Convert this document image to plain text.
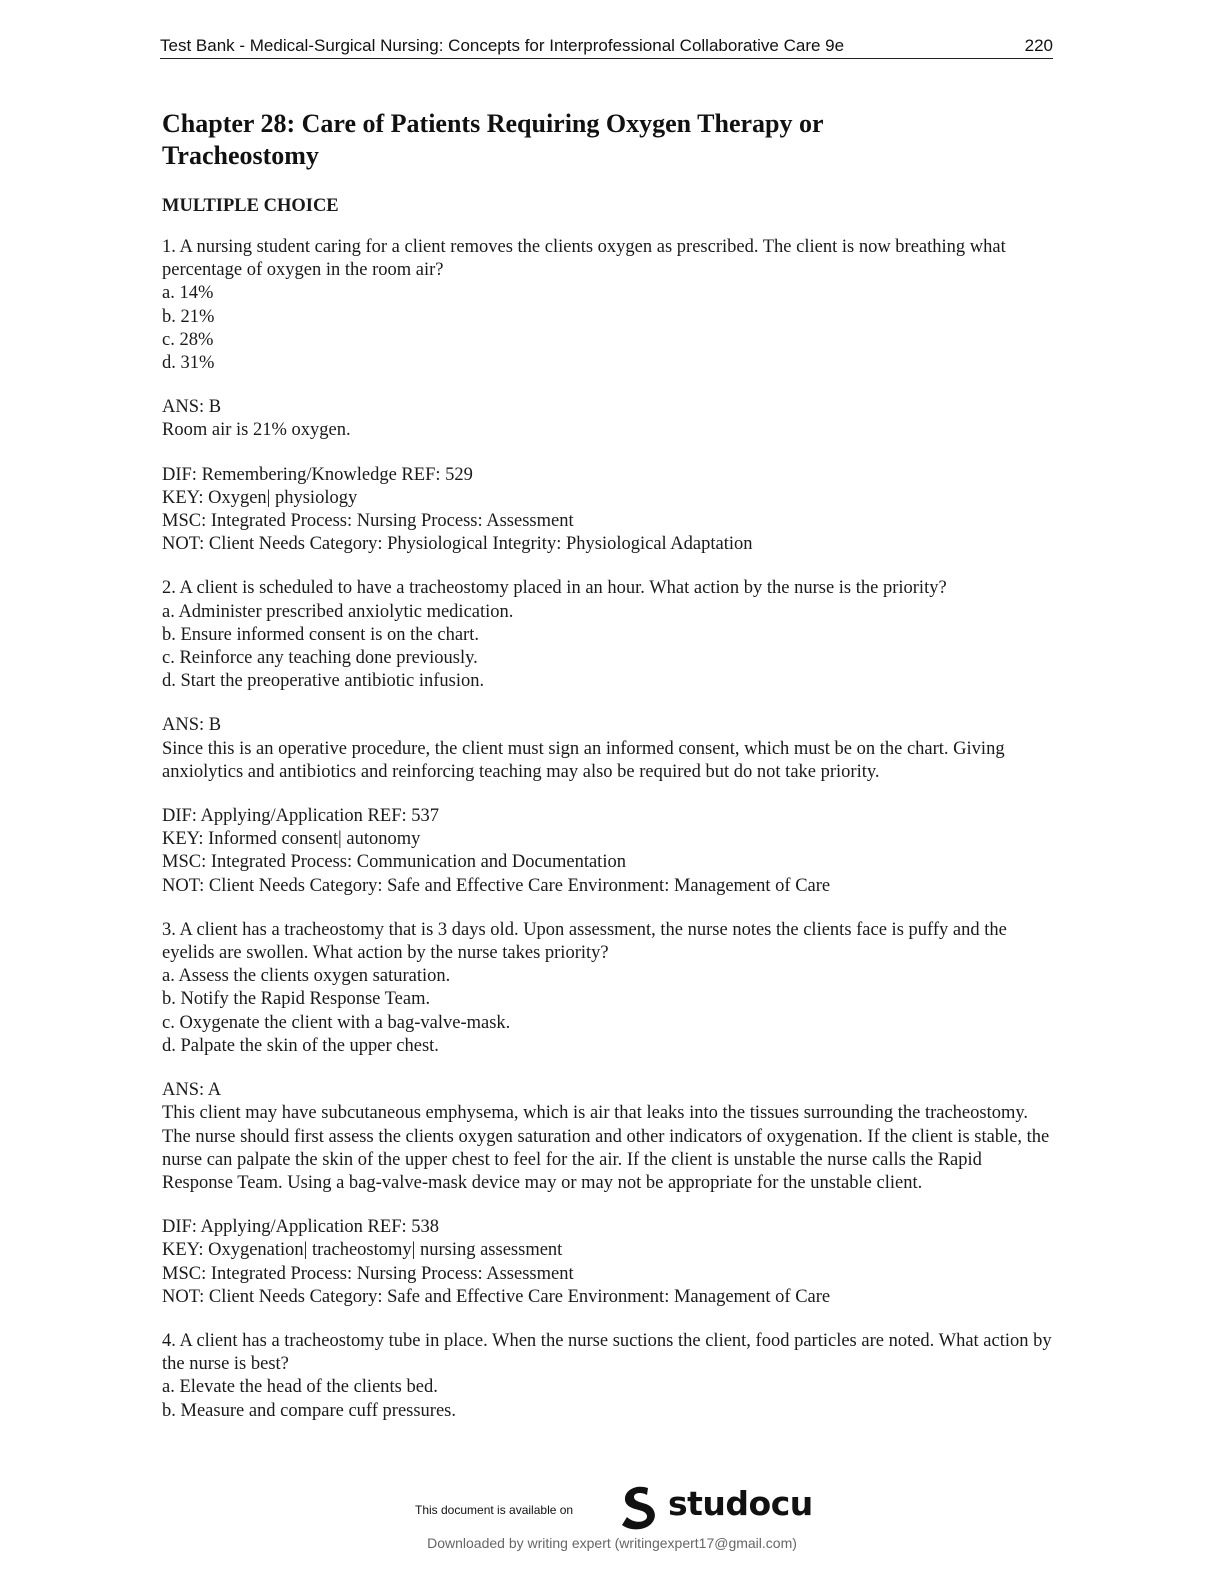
Test Bank - Medical-Surgical Nursing: Concepts for Interprofessional Collaborative Care 9e	220
Chapter 28: Care of Patients Requiring Oxygen Therapy or
Tracheostomy
MULTIPLE CHOICE
1. A nursing student caring for a client removes the clients oxygen as prescribed. The client is now breathing what percentage of oxygen in the room air?
a. 14%
b. 21%
c. 28%
d. 31%
ANS: B
Room air is 21% oxygen.
DIF: Remembering/Knowledge REF: 529
KEY: Oxygen| physiology
MSC: Integrated Process: Nursing Process: Assessment
NOT: Client Needs Category: Physiological Integrity: Physiological Adaptation
2. A client is scheduled to have a tracheostomy placed in an hour. What action by the nurse is the priority?
a. Administer prescribed anxiolytic medication.
b. Ensure informed consent is on the chart.
c. Reinforce any teaching done previously.
d. Start the preoperative antibiotic infusion.
ANS: B
Since this is an operative procedure, the client must sign an informed consent, which must be on the chart. Giving anxiolytics and antibiotics and reinforcing teaching may also be required but do not take priority.
DIF: Applying/Application REF: 537
KEY: Informed consent| autonomy
MSC: Integrated Process: Communication and Documentation
NOT: Client Needs Category: Safe and Effective Care Environment: Management of Care
3. A client has a tracheostomy that is 3 days old. Upon assessment, the nurse notes the clients face is puffy and the eyelids are swollen. What action by the nurse takes priority?
a. Assess the clients oxygen saturation.
b. Notify the Rapid Response Team.
c. Oxygenate the client with a bag-valve-mask.
d. Palpate the skin of the upper chest.
ANS: A
This client may have subcutaneous emphysema, which is air that leaks into the tissues surrounding the tracheostomy. The nurse should first assess the clients oxygen saturation and other indicators of oxygenation. If the client is stable, the nurse can palpate the skin of the upper chest to feel for the air. If the client is unstable the nurse calls the Rapid Response Team. Using a bag-valve-mask device may or may not be appropriate for the unstable client.
DIF: Applying/Application REF: 538
KEY: Oxygenation| tracheostomy| nursing assessment
MSC: Integrated Process: Nursing Process: Assessment
NOT: Client Needs Category: Safe and Effective Care Environment: Management of Care
4. A client has a tracheostomy tube in place. When the nurse suctions the client, food particles are noted. What action by the nurse is best?
a. Elevate the head of the clients bed.
b. Measure and compare cuff pressures.
This document is available on	studocu
Downloaded by writing expert (writingexpert17@gmail.com)
